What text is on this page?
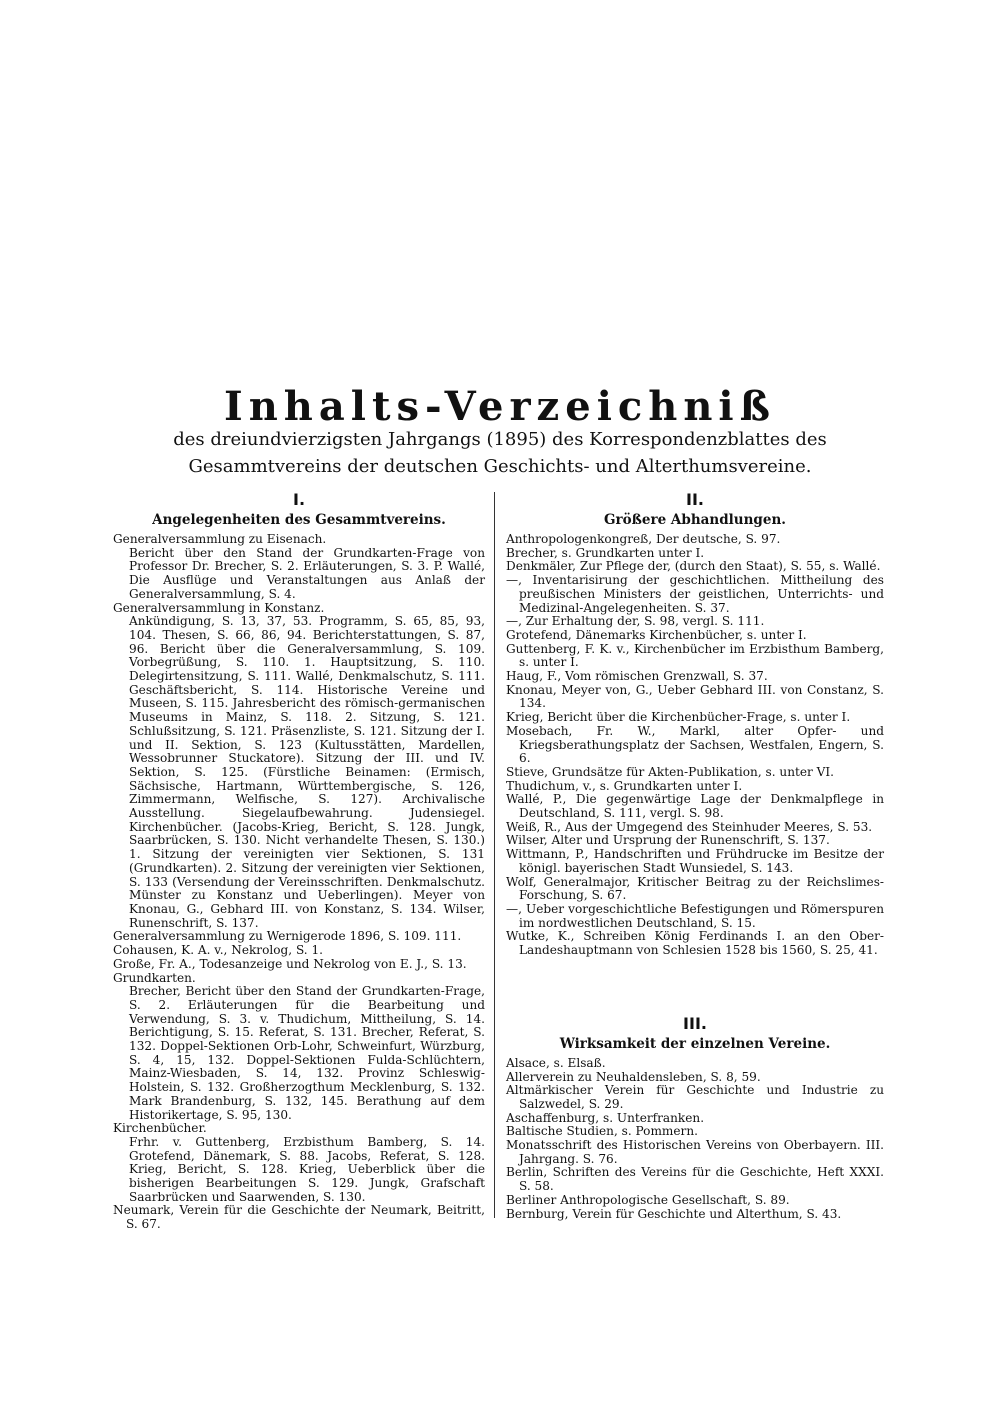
Inhalts-Verzeichniß
des dreiundvierzigsten Jahrgangs (1895) des Korrespondenzblattes des Gesammtvereins der deutschen Geschichts- und Alterthumsvereine.
I.
Angelegenheiten des Gesammtvereins.
Generalversammlung zu Eisenach.
Bericht über den Stand der Grundkarten-Frage von Professor Dr. Brecher, S. 2. Erläuterungen, S. 3. P. Wallé, Die Ausflüge und Veranstaltungen aus Anlaß der Generalversammlung, S. 4.
Generalversammlung in Konstanz.
Ankündigung, S. 13, 37, 53. Programm, S. 65, 85, 93, 104. Thesen, S. 66, 86, 94. Berichterstattungen, S. 87, 96. Bericht über die Generalversammlung, S. 109. Vorbegrüßung, S. 110. 1. Hauptsitzung, S. 110. Delegirtensitzung, S. 111. Wallé, Denkmalschutz, S. 111. Geschäftsbericht, S. 114. Historische Vereine und Museen, S. 115. Jahresbericht des römisch-germanischen Museums in Mainz, S. 118. 2. Sitzung, S. 121. Schlußsitzung, S. 121. Präsenzliste, S. 121. Sitzung der I. und II. Sektion, S. 123 (Kultusstätten, Mardellen, Wessobrunner Stuckatore). Sitzung der III. und IV. Sektion, S. 125. (Fürstliche Beinamen: (Ermisch, Sächsische, Hartmann, Württembergische, S. 126, Zimmermann, Welfische, S. 127). Archivalische Ausstellung. Siegelaufbewahrung. Judensiegel. Kirchenbücher. (Jacobs-Krieg, Bericht, S. 128. Jungk, Saarbrücken, S. 130. Nicht verhandelte Thesen, S. 130.) 1. Sitzung der vereinigten vier Sektionen, S. 131 (Grundkarten). 2. Sitzung der vereinigten vier Sektionen, S. 133 (Versendung der Vereinsschriften. Denkmalschutz. Münster zu Konstanz und Ueberlingen). Meyer von Knonau, G., Gebhard III. von Konstanz, S. 134. Wilser, Runenschrift, S. 137.
Generalversammlung zu Wernigerode 1896, S. 109. 111.
Cohausen, K. A. v., Nekrolog, S. 1.
Große, Fr. A., Todesanzeige und Nekrolog von E. J., S. 13.
Grundkarten.
Brecher, Bericht über den Stand der Grundkarten-Frage, S. 2. Erläuterungen für die Bearbeitung und Verwendung, S. 3. v. Thudichum, Mittheilung, S. 14. Berichtigung, S. 15. Referat, S. 131. Brecher, Referat, S. 132. Doppel-Sektionen Orb-Lohr, Schweinfurt, Würzburg, S. 4, 15, 132. Doppel-Sektionen Fulda-Schlüchtern, Mainz-Wiesbaden, S. 14, 132. Provinz Schleswig-Holstein, S. 132. Großherzogthum Mecklenburg, S. 132. Mark Brandenburg, S. 132, 145. Berathung auf dem Historikertage, S. 95, 130.
Kirchenbücher.
Frhr. v. Guttenberg, Erzbisthum Bamberg, S. 14. Grotefend, Dänemark, S. 88. Jacobs, Referat, S. 128. Krieg, Bericht, S. 128. Krieg, Ueberblick über die bisherigen Bearbeitungen S. 129. Jungk, Grafschaft Saarbrücken und Saarwenden, S. 130.
Neumark, Verein für die Geschichte der Neumark, Beitritt, S. 67.
II.
Größere Abhandlungen.
Anthropologenkongreß, Der deutsche, S. 97.
Brecher, s. Grundkarten unter I.
Denkmäler, Zur Pflege der, (durch den Staat), S. 55, s. Wallé.
—, Inventarisirung der geschichtlichen. Mittheilung des preußischen Ministers der geistlichen, Unterrichts- und Medizinal-Angelegenheiten. S. 37.
—, Zur Erhaltung der, S. 98, vergl. S. 111.
Grotefend, Dänemarks Kirchenbücher, s. unter I.
Guttenberg, F. K. v., Kirchenbücher im Erzbisthum Bamberg, s. unter I.
Haug, F., Vom römischen Grenzwall, S. 37.
Knonau, Meyer von, G., Ueber Gebhard III. von Constanz, S. 134.
Krieg, Bericht über die Kirchenbücher-Frage, s. unter I.
Mosebach, Fr. W., Markl, alter Opfer- und Kriegsberathungsplatz der Sachsen, Westfalen, Engern, S. 6.
Stieve, Grundsätze für Akten-Publikation, s. unter VI.
Thudichum, v., s. Grundkarten unter I.
Wallé, P., Die gegenwärtige Lage der Denkmalpflege in Deutschland, S. 111, vergl. S. 98.
Weiß, R., Aus der Umgegend des Steinhuder Meeres, S. 53.
Wilser, Alter und Ursprung der Runenschrift, S. 137.
Wittmann, P., Handschriften und Frühdrucke im Besitze der königl. bayerischen Stadt Wunsiedel, S. 143.
Wolf, Generalmajor, Kritischer Beitrag zu der Reichslimes-Forschung, S. 67.
—, Ueber vorgeschichtliche Befestigungen und Römerspuren im nordwestlichen Deutschland, S. 15.
Wutke, K., Schreiben König Ferdinands I. an den Ober-Landeshauptmann von Schlesien 1528 bis 1560, S. 25, 41.
III.
Wirksamkeit der einzelnen Vereine.
Alsace, s. Elsaß.
Allerverein zu Neuhaldensleben, S. 8, 59.
Altmärkischer Verein für Geschichte und Industrie zu Salzwedel, S. 29.
Aschaffenburg, s. Unterfranken.
Baltische Studien, s. Pommern.
Monatsschrift des Historischen Vereins von Oberbayern. III. Jahrgang. S. 76.
Berlin, Schriften des Vereins für die Geschichte, Heft XXXI. S. 58.
Berliner Anthropologische Gesellschaft, S. 89.
Bernburg, Verein für Geschichte und Alterthum, S. 43.
